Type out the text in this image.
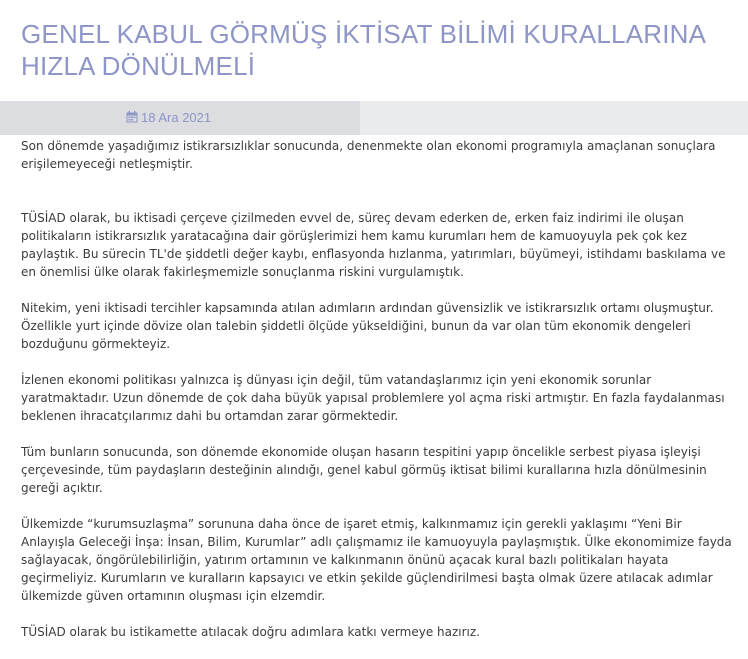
GENEL KABUL GÖRMÜŞ İKTİSAT BİLİMİ KURALLARINA HIZLA DÖNÜLMELİ
18 Ara 2021

Son dönemde yaşadığımız istikrarsızlıklar sonucunda, denenmekte olan ekonomi programıyla amaçlanan sonuçlara erişilemeyeceği netleşmiştir.

TÜSİAD olarak, bu iktisadi çerçeve çizilmeden evvel de, süreç devam ederken de, erken faiz indirimi ile oluşan politikaların istikrarsızlık yaratacağına dair görüşlerimizi hem kamu kurumları hem de kamuoyuyla pek çok kez paylaştık. Bu sürecin TL'de şiddetli değer kaybı, enflasyonda hızlanma, yatırımları, büyümeyi, istihdamı baskılama ve en önemlisi ülke olarak fakirleşmemizle sonuçlanma riskini vurgulamıştık.

Nitekim, yeni iktisadi tercihler kapsamında atılan adımların ardından güvensizlik ve istikrarsızlık ortamı oluşmuştur. Özellikle yurt içinde dövize olan talebin şiddetli ölçüde yükseldiğini, bunun da var olan tüm ekonomik dengeleri bozduğunu görmekteyiz.

İzlenen ekonomi politikası yalnızca iş dünyası için değil, tüm vatandaşlarımız için yeni ekonomik sorunlar yaratmaktadır. Uzun dönemde de çok daha büyük yapısal problemlere yol açma riski artmıştır. En fazla faydalanması beklenen ihracatçılarımız dahi bu ortamdan zarar görmektedir.

Tüm bunların sonucunda, son dönemde ekonomide oluşan hasarın tespitini yapıp öncelikle serbest piyasa işleyişi çerçevesinde, tüm paydaşların desteğinin alındığı, genel kabul görmüş iktisat bilimi kurallarına hızla dönülmesinin gereği açıktır.

Ülkemizde “kurumsuzlaşma” sorununa daha önce de işaret etmiş, kalkınmamız için gerekli yaklaşımı “Yeni Bir Anlayışla Geleceği İnşa: İnsan, Bilim, Kurumlar” adlı çalışmamız ile kamuoyuyla paylaşmıştık. Ülke ekonomimize fayda sağlayacak, öngörülebilirliğin, yatırım ortamının ve kalkınmanın önünü açacak kural bazlı politikaları hayata geçirmeliyiz. Kurumların ve kuralların kapsayıcı ve etkin şekilde güçlendirilmesi başta olmak üzere atılacak adımlar ülkemizde güven ortamının oluşması için elzemdir.

TÜSİAD olarak bu istikamette atılacak doğru adımlara katkı vermeye hazırız.
